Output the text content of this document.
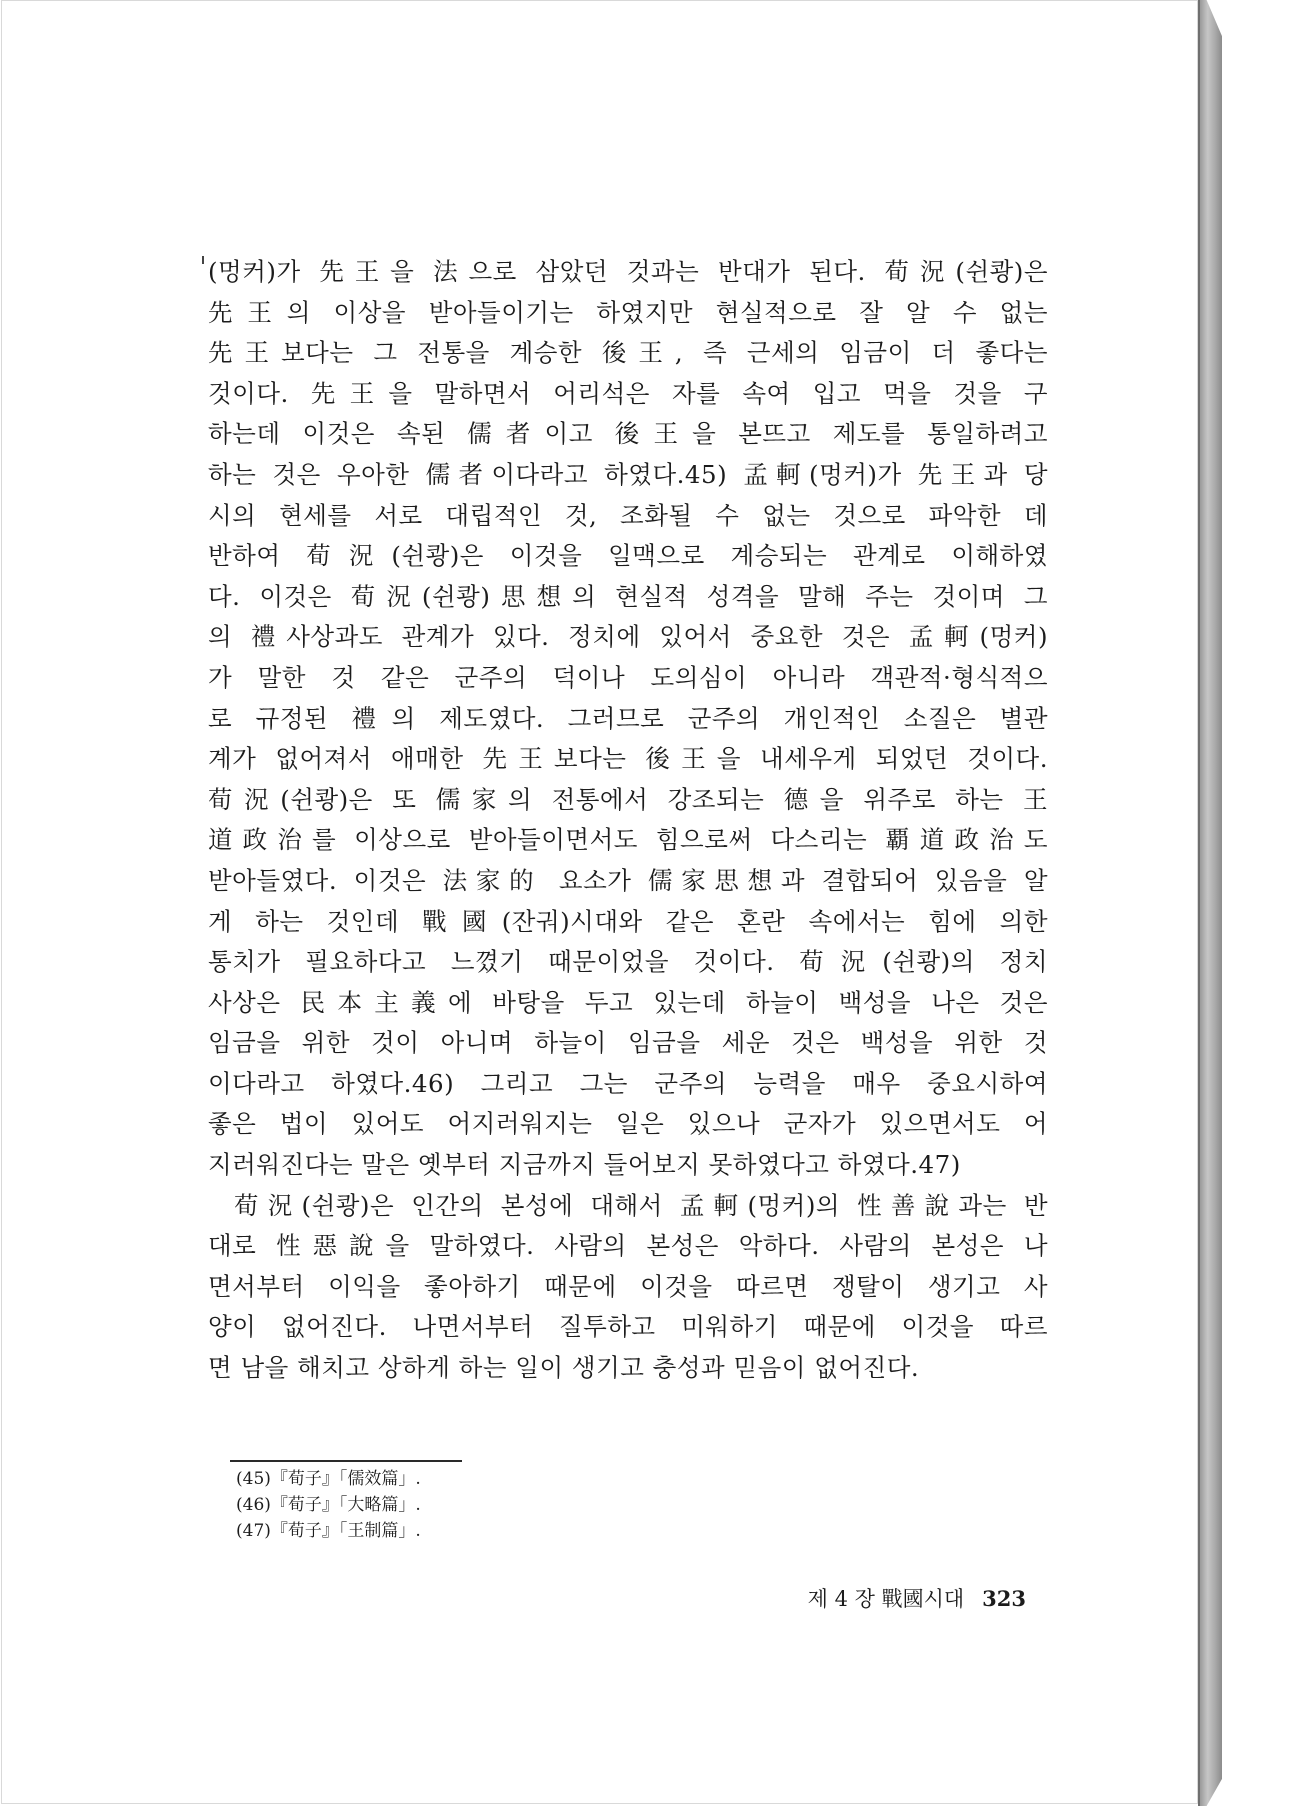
(멍커)가 先王을 法으로 삼았던 것과는 반대가 된다. 荀況(쉰쾅)은
先王의 이상을 받아들이기는 하였지만 현실적으로 잘 알 수 없는
先王보다는 그 전통을 계승한 後王, 즉 근세의 임금이 더 좋다는
것이다. 先王을 말하면서 어리석은 자를 속여 입고 먹을 것을 구
하는데 이것은 속된 儒者이고 後王을 본뜨고 제도를 통일하려고
하는 것은 우아한 儒者이다라고 하였다.45) 孟軻(멍커)가 先王과 당
시의 현세를 서로 대립적인 것, 조화될 수 없는 것으로 파악한 데
반하여 荀況(쉰쾅)은 이것을 일맥으로 계승되는 관계로 이해하였
다. 이것은 荀況(쉰쾅)思想의 현실적 성격을 말해 주는 것이며 그
의 禮사상과도 관계가 있다. 정치에 있어서 중요한 것은 孟軻(멍커)
가 말한 것 같은 군주의 덕이나 도의심이 아니라 객관적·형식적으
로 규정된 禮의 제도였다. 그러므로 군주의 개인적인 소질은 별관
계가 없어져서 애매한 先王보다는 後王을 내세우게 되었던 것이다.
荀況(쉰쾅)은 또 儒家의 전통에서 강조되는 德을 위주로 하는 王
道政治를 이상으로 받아들이면서도 힘으로써 다스리는 覇道政治도
받아들였다. 이것은 法家的 요소가 儒家思想과 결합되어 있음을 알
게 하는 것인데 戰國(잔궈)시대와 같은 혼란 속에서는 힘에 의한
통치가 필요하다고 느꼈기 때문이었을 것이다. 荀況(쉰쾅)의 정치
사상은 民本主義에 바탕을 두고 있는데 하늘이 백성을 나은 것은
임금을 위한 것이 아니며 하늘이 임금을 세운 것은 백성을 위한 것
이다라고 하였다.46) 그리고 그는 군주의 능력을 매우 중요시하여
좋은 법이 있어도 어지러워지는 일은 있으나 군자가 있으면서도 어
지러워진다는 말은 옛부터 지금까지 들어보지 못하였다고 하였다.47)
荀況(쉰쾅)은 인간의 본성에 대해서 孟軻(멍커)의 性善說과는 반
대로 性惡說을 말하였다. 사람의 본성은 악하다. 사람의 본성은 나
면서부터 이익을 좋아하기 때문에 이것을 따르면 쟁탈이 생기고 사
양이 없어진다. 나면서부터 질투하고 미워하기 때문에 이것을 따르
면 남을 해치고 상하게 하는 일이 생기고 충성과 믿음이 없어진다.
(45)『荀子』「儒效篇」.
(46)『荀子』「大略篇」.
(47)『荀子』「王制篇」.
제 4 장 戰國시대 323
